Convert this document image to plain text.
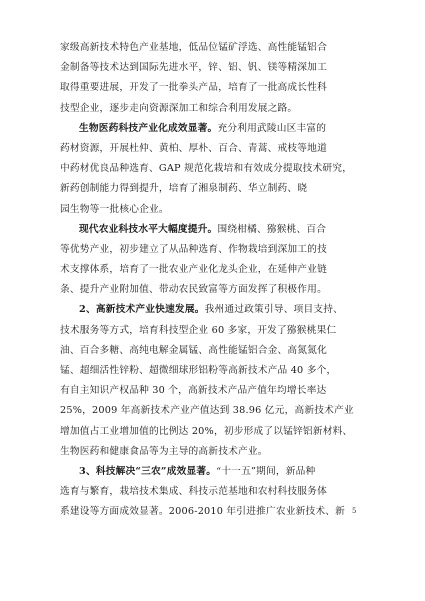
家级高新技术特色产业基地，低品位锰矿浮选、高性能锰铝合
金制备等技术达到国际先进水平，锌、铝、钒、镁等精深加工
取得重要进展，开发了一批拳头产品，培育了一批高成长性科
技型企业，逐步走向资源深加工和综合利用发展之路。
生物医药科技产业化成效显著。充分利用武陵山区丰富的
药材资源，开展杜仲、黄柏、厚朴、百合、青蒿、戒枝等地道
中药材优良品种选育、GAP 规范化栽培和有效成分提取技术研究，
新药创制能力得到提升，培育了湘泉制药、华立制药、晓
园生物等一批核心企业。
现代农业科技水平大幅度提升。围绕柑橘、猕猴桃、百合
等优势产业，初步建立了从品种选育、作物栽培到深加工的技
术支撑体系，培育了一批农业产业化龙头企业，在延伸产业链
条、提升产业附加值、带动农民致富等方面发挥了积极作用。
2、高新技术产业快速发展。我州通过政策引导、项目支持、
技术服务等方式，培育科技型企业 60 多家，开发了猕猴桃果仁
油、百合多糖、高纯电解金属锰、高性能锰铝合金、高氮氮化
锰、超细活性锌粉、超微细球形铝粉等高新技术产品 40 多个，
有自主知识产权品种 30 个，高新技术产品产值年均增长率达
25%，2009 年高新技术产业产值达到 38.96 亿元，高新技术产业
增加值占工业增加值的比例达 20%，初步形成了以锰锌铝新材料、
生物医药和健康食品等为主导的高新技术产业。
3、科技解决“三农”成效显著。“十一五”期间，新品种
选育与繁育，栽培技术集成、科技示范基地和农村科技服务体
系建设等方面成效显著。2006-2010 年引进推广农业新技术、新 5
